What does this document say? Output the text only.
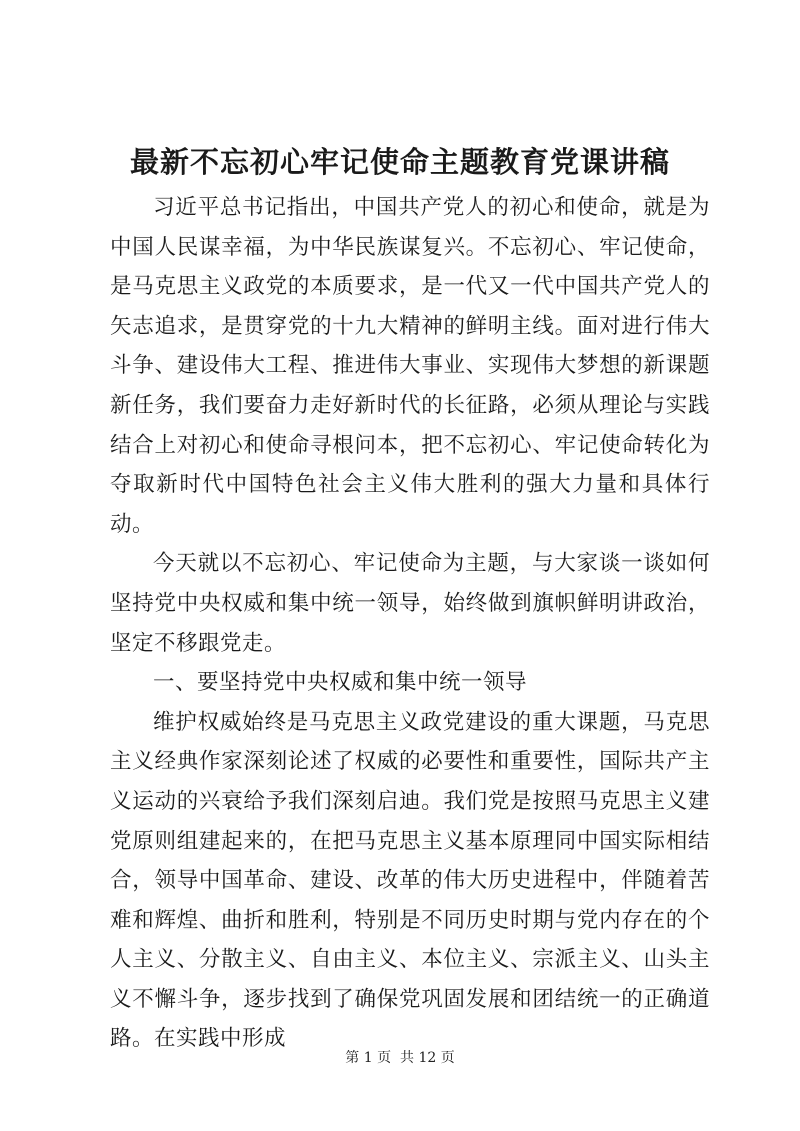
最新不忘初心牢记使命主题教育党课讲稿

习近平总书记指出，中国共产党人的初心和使命，就是为中国人民谋幸福，为中华民族谋复兴。不忘初心、牢记使命，是马克思主义政党的本质要求，是一代又一代中国共产党人的矢志追求，是贯穿党的十九大精神的鲜明主线。面对进行伟大斗争、建设伟大工程、推进伟大事业、实现伟大梦想的新课题新任务，我们要奋力走好新时代的长征路，必须从理论与实践结合上对初心和使命寻根问本，把不忘初心、牢记使命转化为夺取新时代中国特色社会主义伟大胜利的强大力量和具体行动。

今天就以不忘初心、牢记使命为主题，与大家谈一谈如何坚持党中央权威和集中统一领导，始终做到旗帜鲜明讲政治，坚定不移跟党走。

一、要坚持党中央权威和集中统一领导

维护权威始终是马克思主义政党建设的重大课题，马克思主义经典作家深刻论述了权威的必要性和重要性，国际共产主义运动的兴衰给予我们深刻启迪。我们党是按照马克思主义建党原则组建起来的，在把马克思主义基本原理同中国实际相结合，领导中国革命、建设、改革的伟大历史进程中，伴随着苦难和辉煌、曲折和胜利，特别是不同历史时期与党内存在的个人主义、分散主义、自由主义、本位主义、宗派主义、山头主义不懈斗争，逐步找到了确保党巩固发展和团结统一的正确道路。在实践中形成

第 1 页  共 12 页
